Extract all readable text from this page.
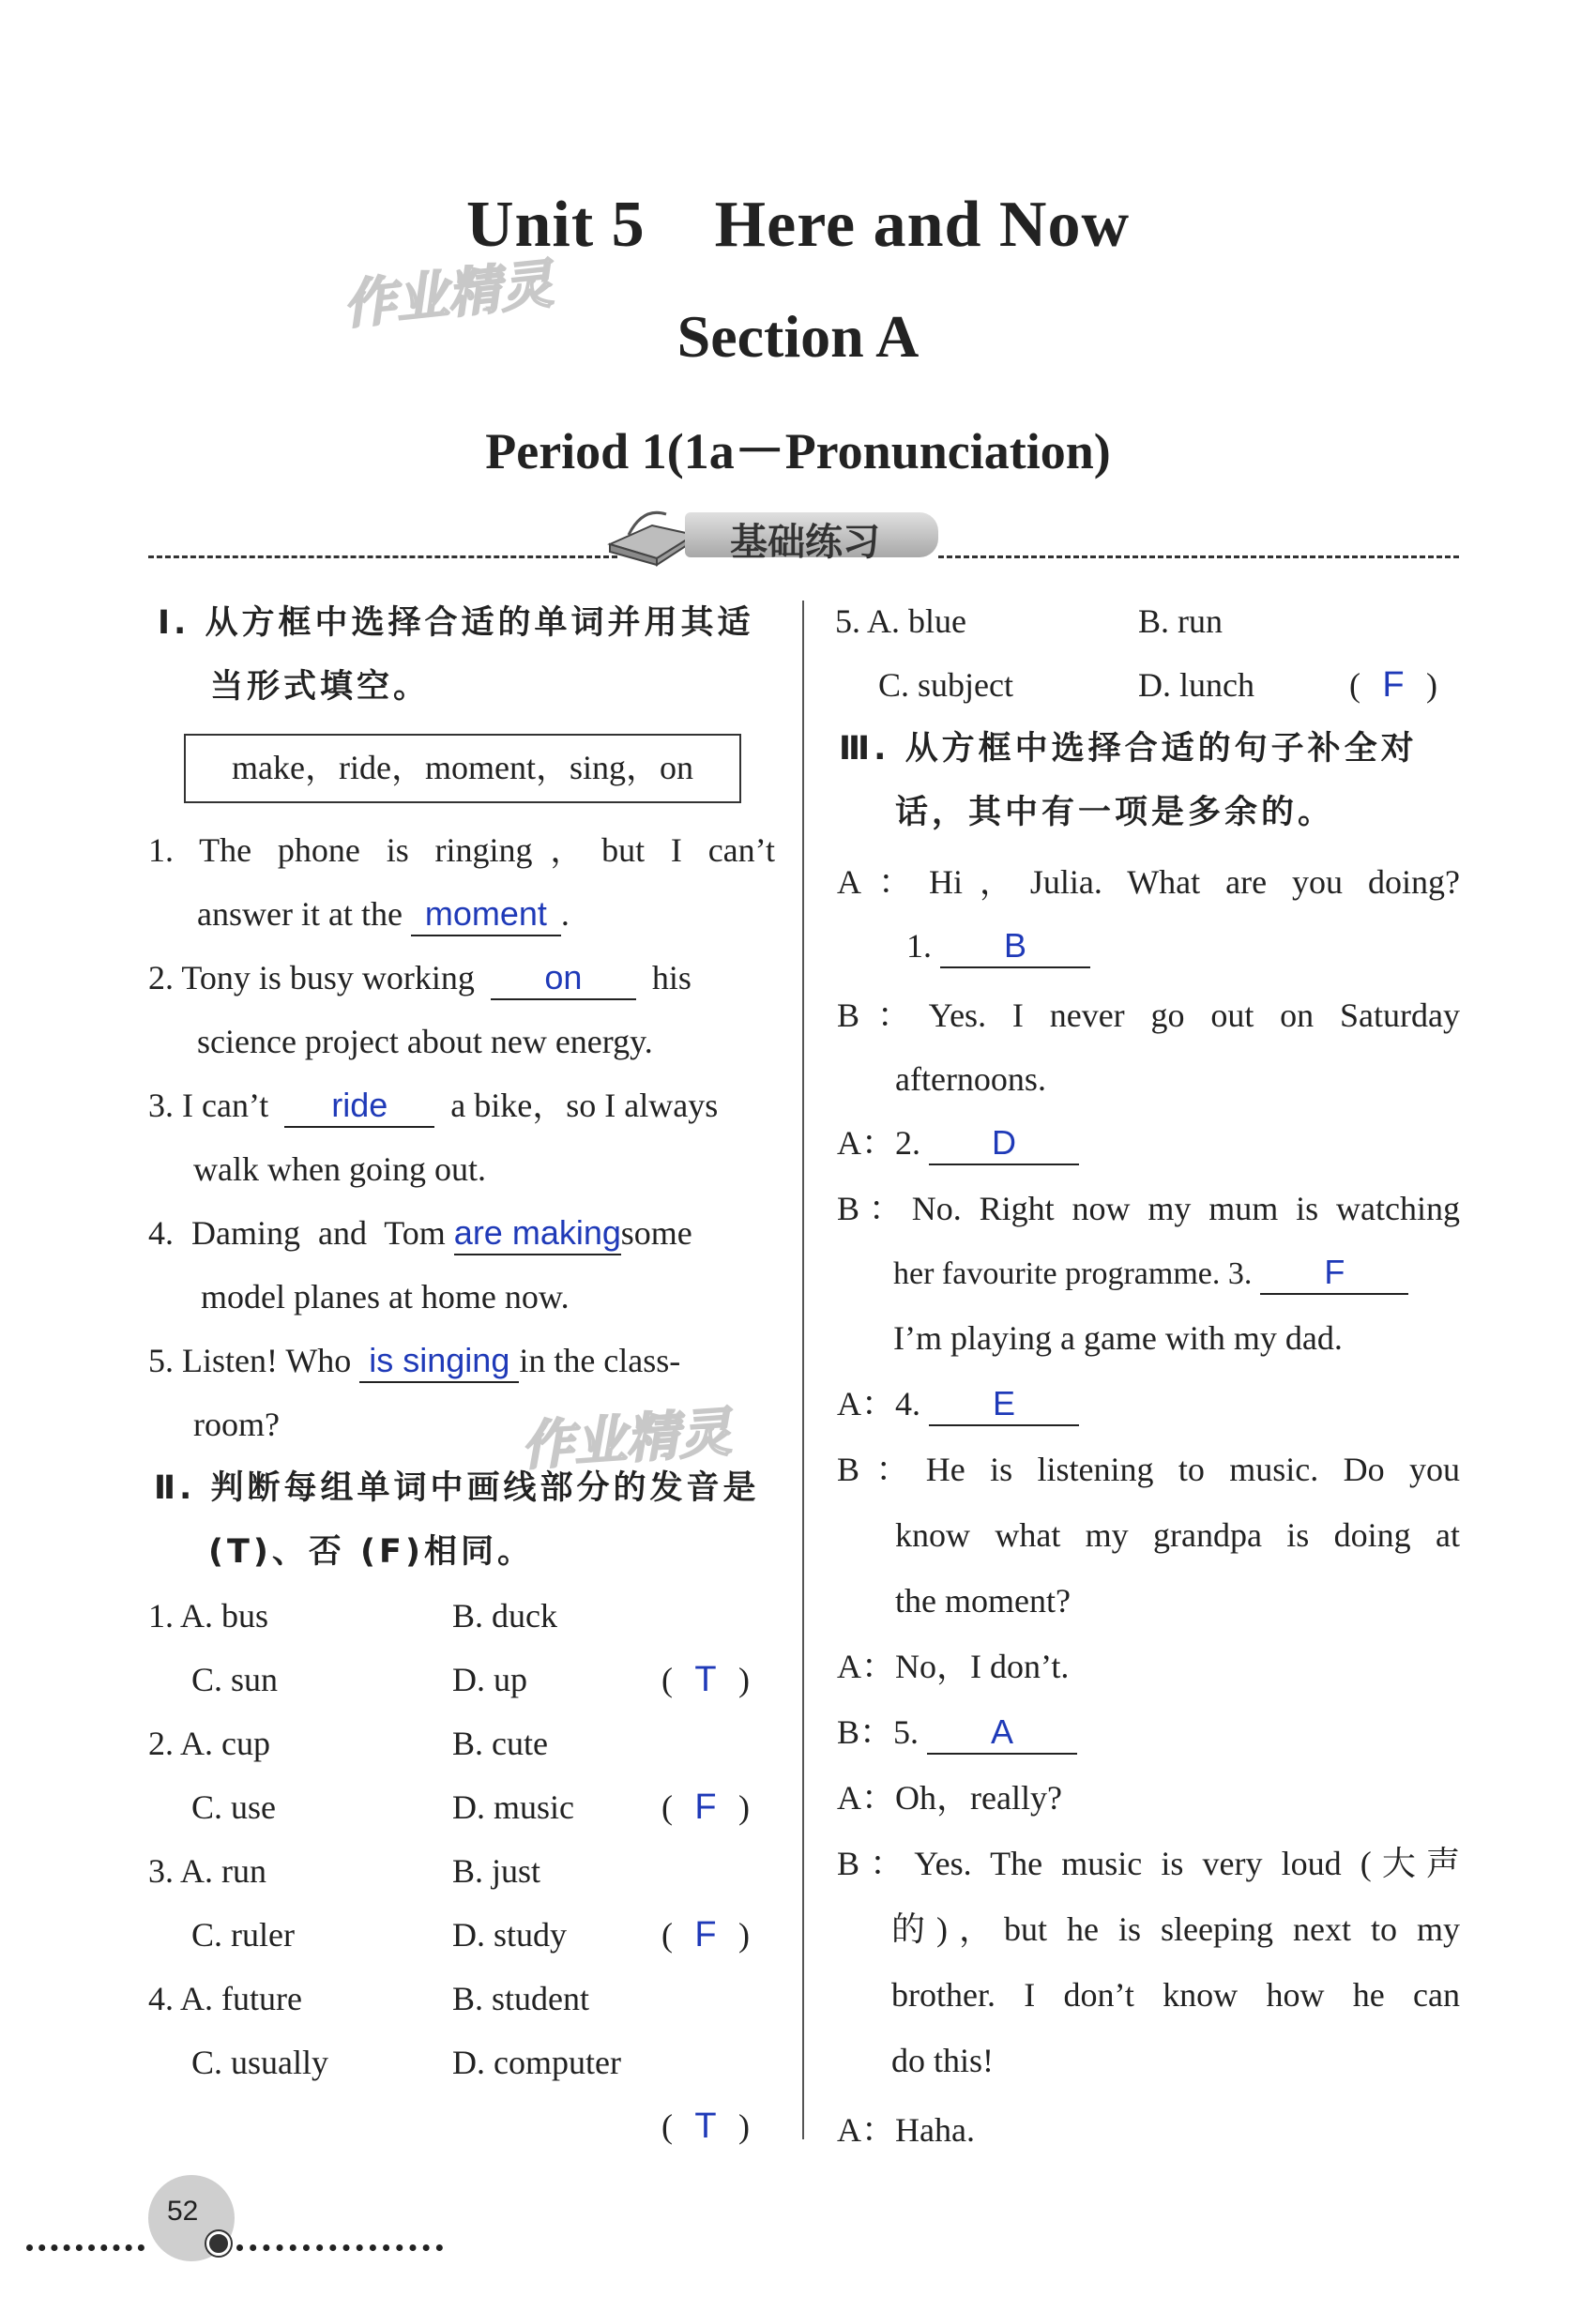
Unit 5    Here and Now
Section A
Period 1(1a－Pronunciation)
作业精灵
作业精灵
基础练习
Ⅰ. 从方框中选择合适的单词并用其适
当形式填空。
make，ride，moment，sing，on
1. The phone is ringing，but I can’t
answer it at the moment .
2. Tony is busy working on his
science project about new energy.
3. I can’t ride a bike，so I always
walk when going out.
4. Daming and Tom are makingsome
model planes at home now.
5. Listen! Who is singing in the class-
room?
Ⅱ. 判断每组单词中画线部分的发音是
(T)、否 (F)相同。
1. A. bus	B. duck
C. sun	D. up	( T )
2. A. cup	B. cute
C. use	D. music	( F )
3. A. run	B. just
C. ruler	D. study	( F )
4. A. future	B. student
C. usually	D. computer
( T )
5. A. blue	B. run
C. subject	D. lunch	( F )
Ⅲ. 从方框中选择合适的句子补全对
话，其中有一项是多余的。
A：Hi，Julia. What are you doing?
1. B
B：Yes. I never go out on Saturday
afternoons.
A：2. D
B：No. Right now my mum is watching
her favourite programme. 3. F
I’m playing a game with my dad.
A：4. E
B：He is listening to music. Do you
know what my grandpa is doing at
the moment?
A：No，I don’t.
B：5. A
A：Oh，really?
B：Yes. The music is very loud (大声
的)，but he is sleeping next to my
brother. I don’t know how he can
do this!
A：Haha.
52
